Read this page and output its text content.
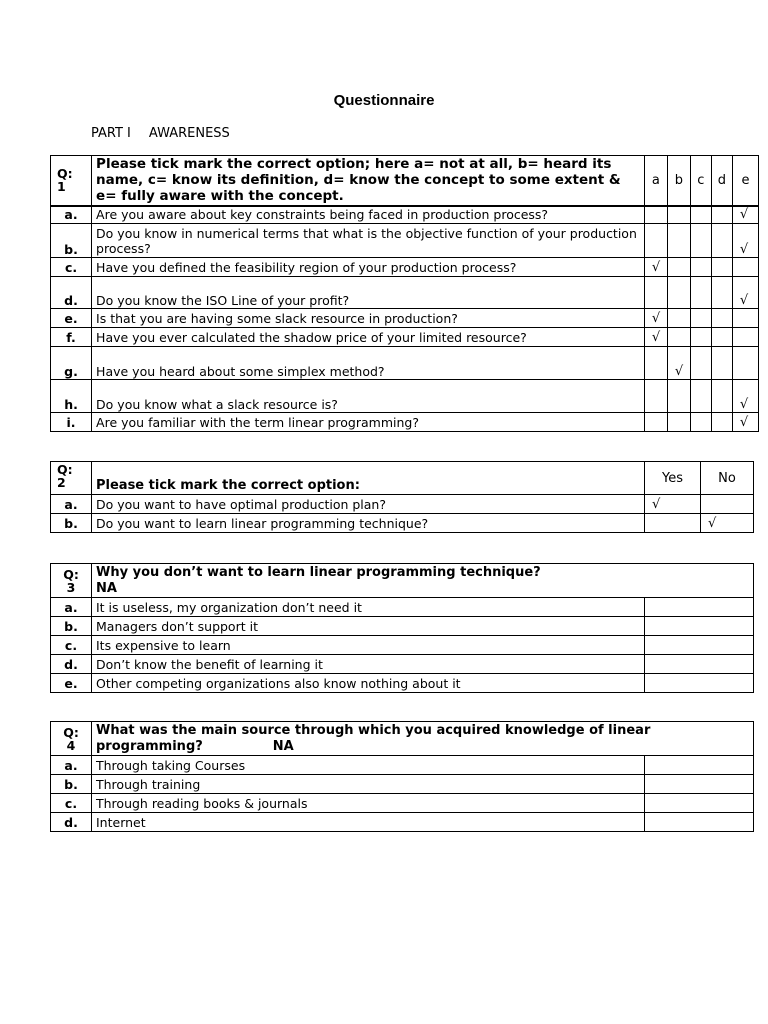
Questionnaire
PART I AWARENESS
Q:
1	Please tick mark the correct option; here a= not at all, b= heard its name, c= know its definition, d= know the concept to some extent & e= fully aware with the concept.	a	b	c	d	e
a.	Are you aware about key constraints being faced in production process?					√
b.	Do you know in numerical terms that what is the objective function of your production process?					√
c.	Have you defined the feasibility region of your production process?	√				
d.	Do you know the ISO Line of your profit?					√
e.	Is that you are having some slack resource in production?	√				
f.	Have you ever calculated the shadow price of your limited resource?	√				
g.	Have you heard about some simplex method?		√			
h.	Do you know what a slack resource is?					√
i.	Are you familiar with the term linear programming?					√
Q:
2	Please tick mark the correct option:	Yes	No
a.	Do you want to have optimal production plan?	√	
b.	Do you want to learn linear programming technique?		√
Q:
3	Why you don’t want to learn linear programming technique?
NA	
a.	It is useless, my organization don’t need it	
b.	Managers don’t support it	
c.	Its expensive to learn	
d.	Don’t know the benefit of learning it	
e.	Other competing organizations also know nothing about it	
Q:
4	What was the main source through which you acquired knowledge of linear programming? NA	
a.	Through taking Courses	
b.	Through training	
c.	Through reading books & journals	
d.	Internet	
